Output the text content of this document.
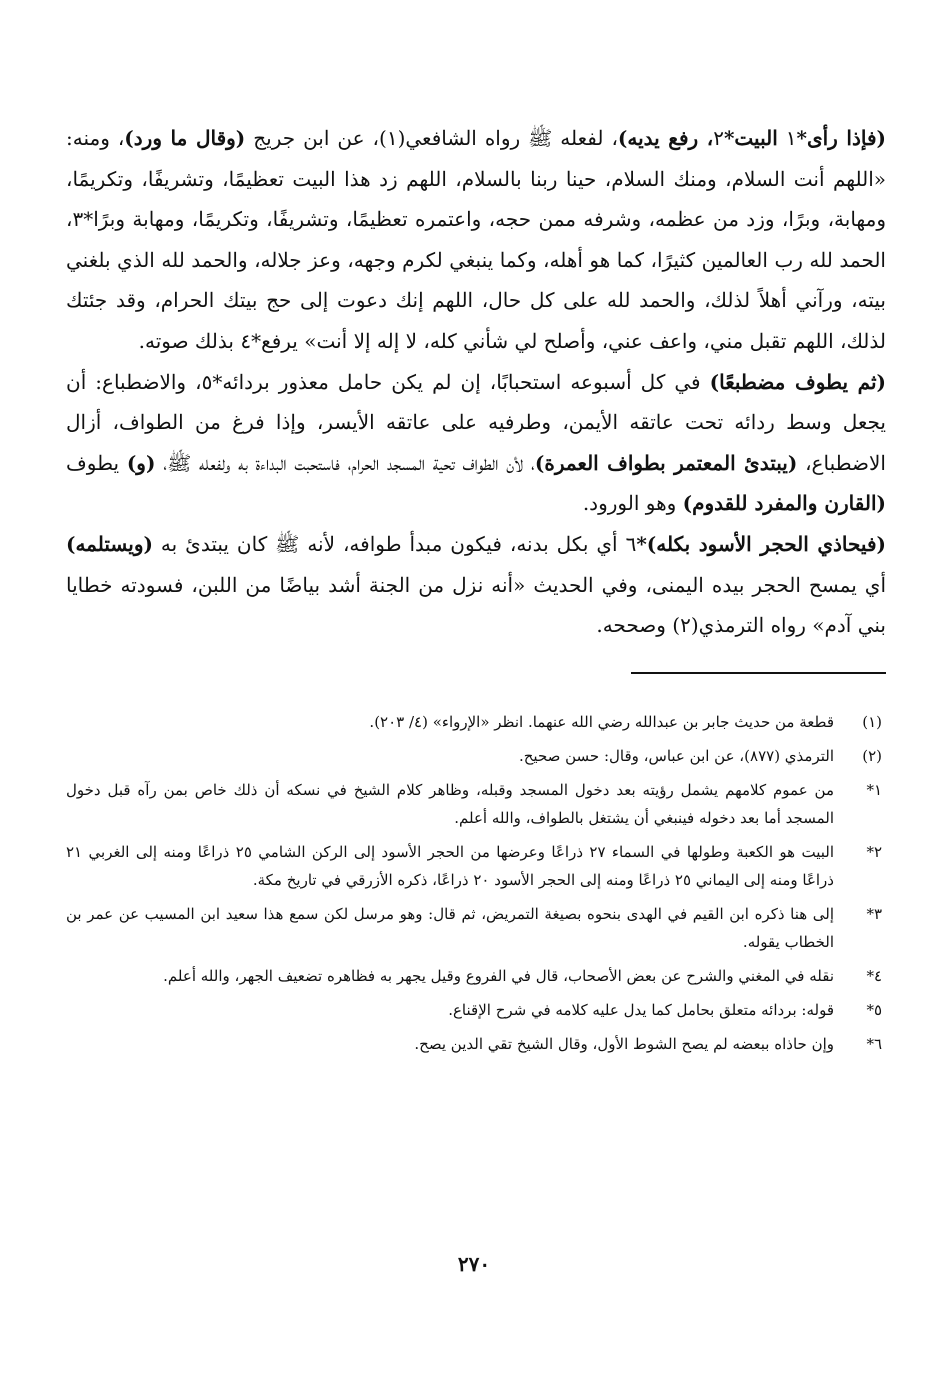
(فإذا رأى*١ البيت*٢، رفع يديه)، لفعله ﷺ رواه الشافعي(١)، عن ابن جريج (وقال ما ورد)، ومنه: «اللهم أنت السلام، ومنك السلام، حينا ربنا بالسلام، اللهم زد هذا البيت تعظيمًا، وتشريفًا، وتكريمًا، ومهابة، وبرًا، وزد من عظمه، وشرفه ممن حجه، واعتمره تعظيمًا، وتشريفًا، وتكريمًا، ومهابة وبرًا*٣، الحمد لله رب العالمين كثيرًا، كما هو أهله، وكما ينبغي لكرم وجهه، وعز جلاله، والحمد لله الذي بلغني بيته، ورآني أهلاً لذلك، والحمد لله على كل حال، اللهم إنك دعوت إلى حج بيتك الحرام، وقد جئتك لذلك، اللهم تقبل مني، واعف عني، وأصلح لي شأني كله، لا إله إلا أنت» يرفع*٤ بذلك صوته.

(ثم يطوف مضطبعًا) في كل أسبوعه استحبابًا، إن لم يكن حامل معذور بردائه*٥، والاضطباع: أن يجعل وسط ردائه تحت عاتقه الأيمن، وطرفيه على عاتقه الأيسر، وإذا فرغ من الطواف، أزال الاضطباع، (يبتدئ المعتمر بطواف العمرة)، لأن الطواف تحية المسجد الحرام، فاستحبت البداءة به ولفعله ﷺ، (و) يطوف (القارن والمفرد للقدوم) وهو الورود.

(فيحاذي الحجر الأسود بكله)*٦ أي بكل بدنه، فيكون مبدأ طوافه، لأنه ﷺ كان يبتدئ به (ويستلمه) أي يمسح الحجر بيده اليمنى، وفي الحديث «أنه نزل من الجنة أشد بياضًا من اللبن، فسودته خطايا بني آدم» رواه الترمذي(٢) وصححه.

(١)
قطعة من حديث جابر بن عبدالله رضي الله عنهما. انظر «الإرواء» (٤/ ٢٠٣).
(٢)
الترمذي (٨٧٧)، عن ابن عباس، وقال: حسن صحيح.
١*
من عموم كلامهم يشمل رؤيته بعد دخول المسجد وقبله، وظاهر كلام الشيخ في نسكه أن ذلك خاص بمن رآه قبل دخول المسجد أما بعد دخوله فينبغي أن يشتغل بالطواف، والله أعلم.
٢*
البيت هو الكعبة وطولها في السماء ٢٧ ذراعًا وعرضها من الحجر الأسود إلى الركن الشامي ٢٥ ذراعًا ومنه إلى الغربي ٢١ ذراعًا ومنه إلى اليماني ٢٥ ذراعًا ومنه إلى الحجر الأسود ٢٠ ذراعًا، ذكره الأزرقي في تاريخ مكة.
٣*
إلى هنا ذكره ابن القيم في الهدى بنحوه بصيغة التمريض، ثم قال: وهو مرسل لكن سمع هذا سعيد ابن المسيب عن عمر بن الخطاب يقوله.
٤*
نقله في المغني والشرح عن بعض الأصحاب، قال في الفروع وقيل يجهر به فظاهره تضعيف الجهر، والله أعلم.
٥*
قوله: بردائه متعلق بحامل كما يدل عليه كلامه في شرح الإقناع.
٦*
وإن حاذاه ببعضه لم يصح الشوط الأول، وقال الشيخ تقي الدين يصح.
٢٧٠
